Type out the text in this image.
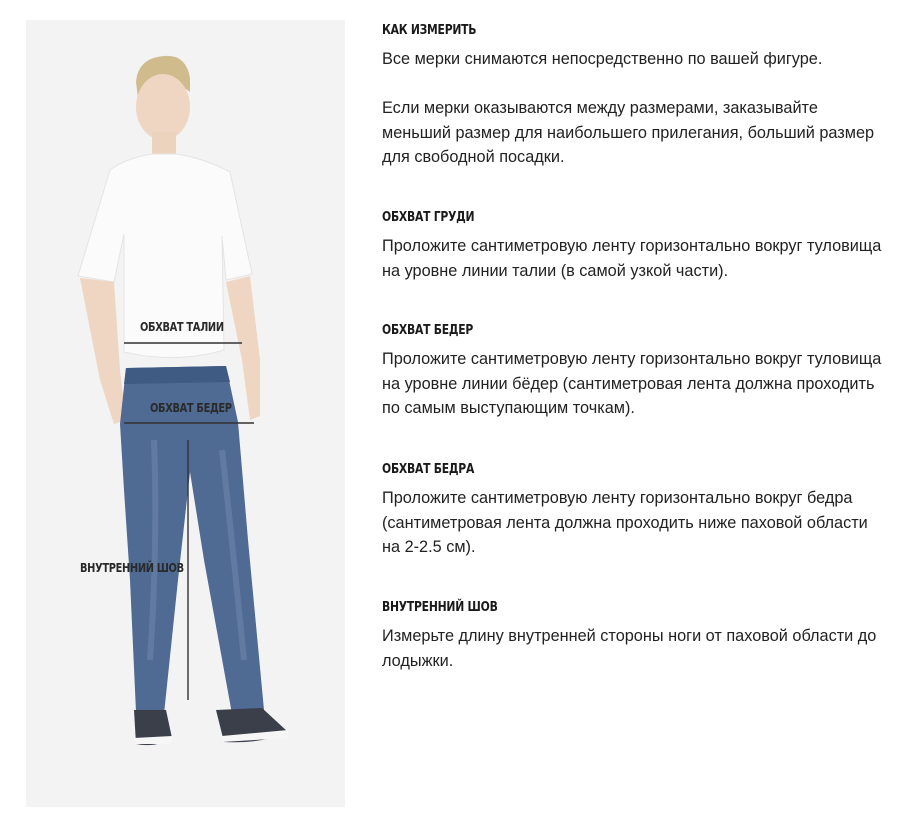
ОБХВАТ ТАЛИИ
ОБХВАТ БЕДЕР
ВНУТРЕННИЙ ШОВ
КАК ИЗМЕРИТЬ

Все мерки снимаются непосредственно по вашей фигуре.

Если мерки оказываются между размерами, заказывайте меньший размер для наибольшего прилегания, больший размер для свободной посадки.

ОБХВАТ ГРУДИ

Проложите сантиметровую ленту горизонтально вокруг туловища на уровне линии талии (в самой узкой части).

ОБХВАТ БЕДЕР

Проложите сантиметровую ленту горизонтально вокруг туловища на уровне линии бёдер (сантиметровая лента должна проходить по самым выступающим точкам).

ОБХВАТ БЕДРА

Проложите сантиметровую ленту горизонтально вокруг бедра (сантиметровая лента должна проходить ниже паховой области на 2-2.5 см).

ВНУТРЕННИЙ ШОВ

Измерьте длину внутренней стороны ноги от паховой области до лодыжки.
